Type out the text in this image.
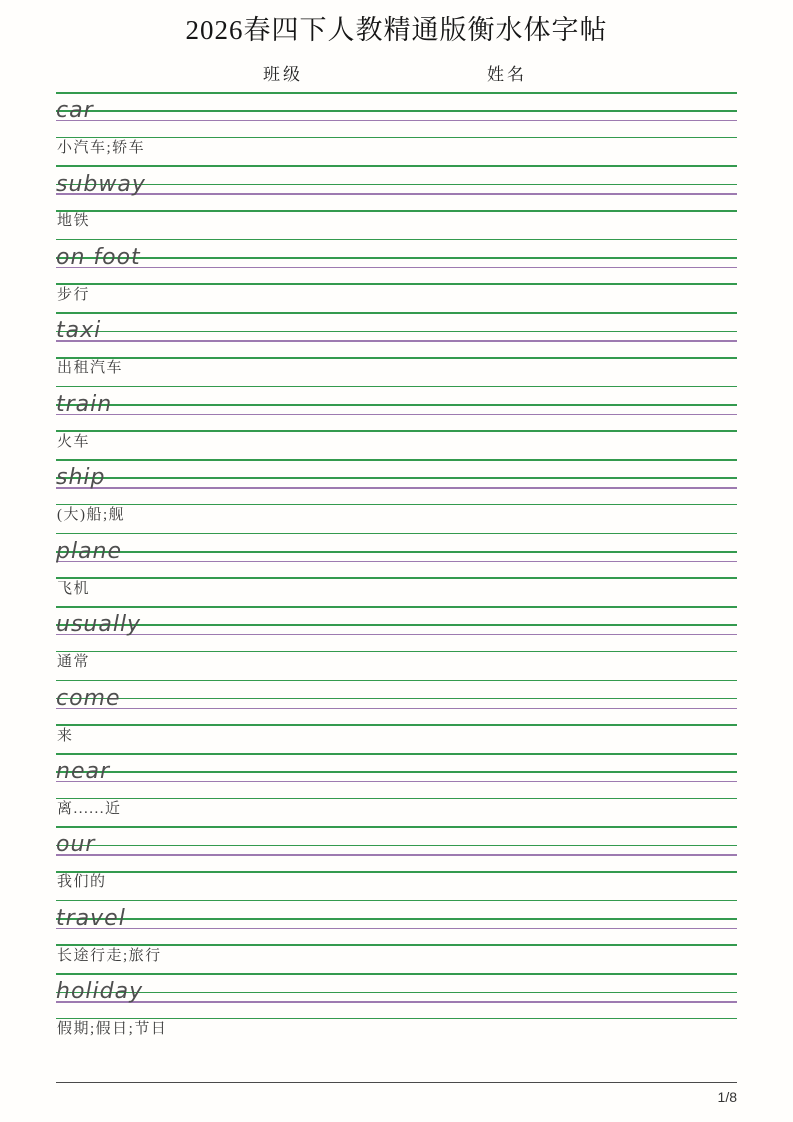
2026春四下人教精通版衡水体字帖
班级	姓名
car
小汽车;轿车
subway
地铁
on foot
步行
taxi
出租汽车
train
火车
ship
(大)船;舰
plane
飞机
usually
通常
come
来
near
离......近
our
我们的
travel
长途行走;旅行
holiday
假期;假日;节日
1/8
